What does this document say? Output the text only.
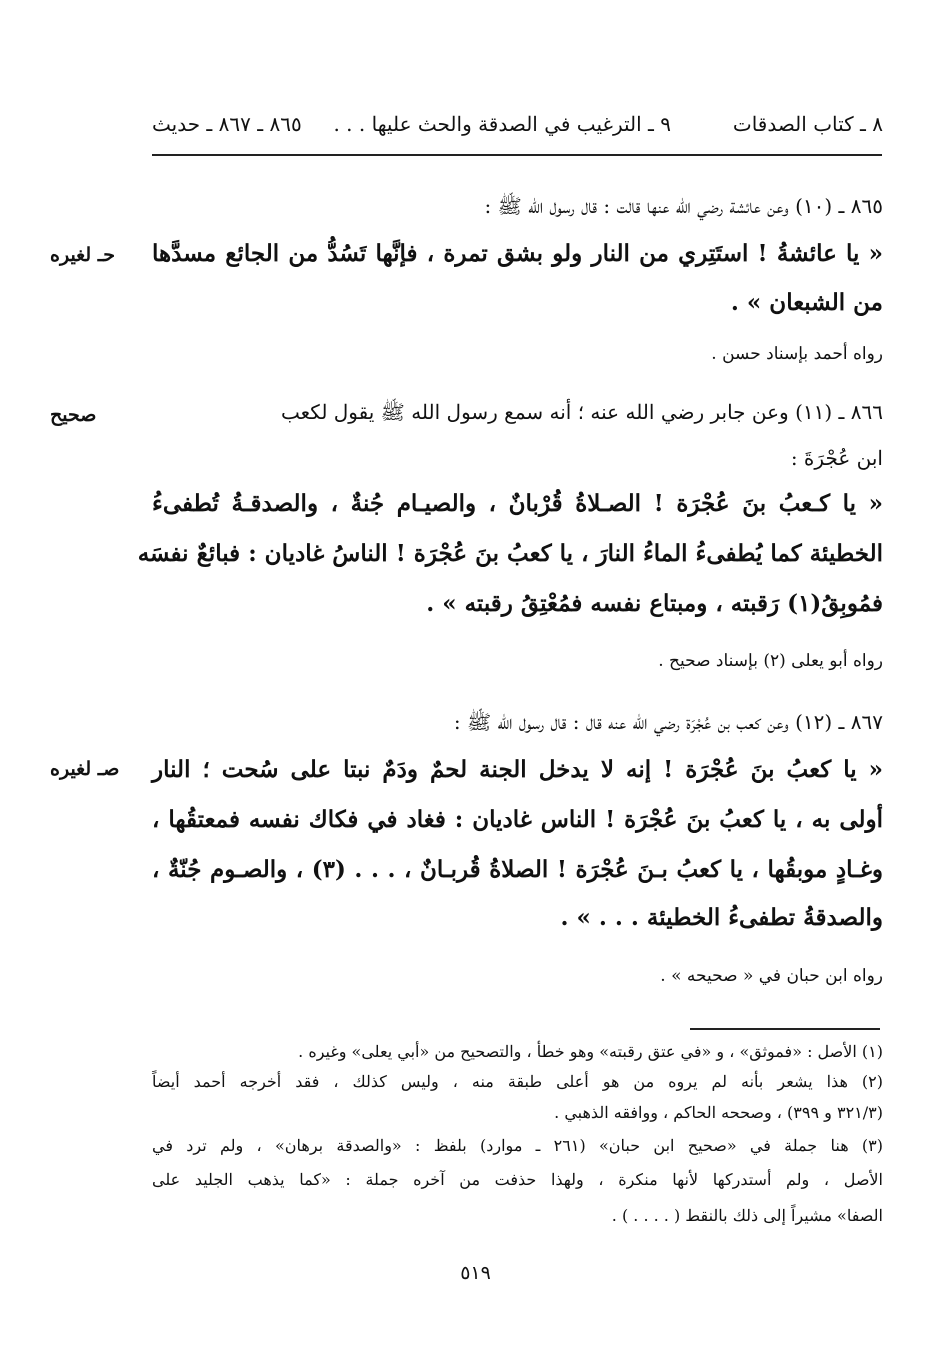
٨ ـ كتاب الصدقات
٩ ـ الترغيب في الصدقة والحث عليها . . .
٨٦٥ ـ ٨٦٧ ـ حديث
٨٦٥ ـ (١٠) وعن عائشة رضي الله عنها قالت : قال رسول الله ﷺ :
حـ لغيره « يا عائشةُ ! استَتِري من النار ولو بشق تمرة ، فإنَّها تَسُدُّ من الجائع مسدَّها
من الشبعان » .
رواه أحمد بإسناد حسن .
صحيح	٨٦٦ ـ (١١) وعن جابر رضي الله عنه ؛ أنه سمع رسول الله ﷺ يقول لكعب
ابن عُجْرَةَ :
« يا كـعبُ بنَ عُجْرَة ! الصـلاةُ قُرْبانٌ ، والصيـام جُنةٌ ، والصدقـةُ تُطفىءُ
الخطيئة كما يُطفىءُ الماءُ النارَ ، يا كعبُ بنَ عُجْرَة ! الناسُ غاديان : فبائعٌ نفسَه
فمُوبِقُ(١) رَقبته ، ومبتاع نفسه فمُعْتِقُ رقبته » .
رواه أبو يعلى (٢) بإسناد صحيح .
٨٦٧ ـ (١٢) وعن كعب بن عُجْرَة رضي الله عنه قال : قال رسول الله ﷺ :
صـ لغيره « يا كعبُ بنَ عُجْرَة ! إنه لا يدخل الجنة لحمٌ ودَمٌ نبتا على سُحت ؛ النار
أولى به ، يا كعبُ بنَ عُجْرَة ! الناس غاديان : فغاد في فكاك نفسه فمعتقُها ،
وغـادٍ موبقُها ، يا كعبُ بـنَ عُجْرَة ! الصلاةُ قُربـانٌ ، . . . (٣) ، والصـوم جُنّةٌ ،
والصدقةُ تطفىءُ الخطيئة . . . » .
رواه ابن حبان في « صحيحه » .
(١) الأصل : «فموثق» ، و «في عتق رقبته» وهو خطأ ، والتصحيح من «أبي يعلى» وغيره .
(٢) هذا يشعر بأنه لم يروه من هو أعلى طبقة منه ، وليس كذلك ، فقد أخرجه أحمد أيضاً
(٣٢١/٣ و ٣٩٩) ، وصححه الحاكم ، ووافقه الذهبي .
(٣) هنا جملة في «صحيح ابن حبان» (٢٦١ ـ موارد) بلفظ : «والصدقة برهان» ، ولم ترد في
الأصل ، ولم أستدركها لأنها منكرة ، ولهذا حذفت من آخره جملة : «كما يذهب الجليد على
الصفا» مشيراً إلى ذلك بالنقط ( . . . . ) .
٥١٩
